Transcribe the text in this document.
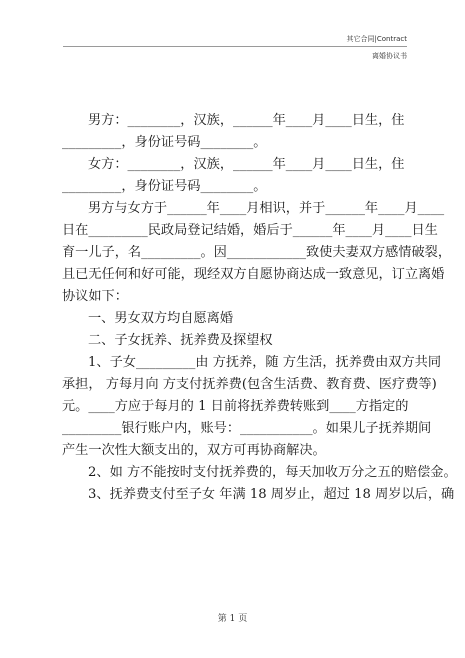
其它合同|Contract
离婚协议书

男方：________，汉族，______年____月____日生，住

_________，身份证号码________。

女方：________，汉族，______年____月____日生，住

_________，身份证号码________。

男方与女方于______年____月相识，并于______年____月____

日在_________民政局登记结婚，婚后于______年____月____日生

育一儿子，名_________。因____________致使夫妻双方感情破裂，

且已无任何和好可能，现经双方自愿协商达成一致意见，订立离婚

协议如下：

一、男女双方均自愿离婚

二、子女抚养、抚养费及探望权

1、子女_________由 方抚养，随 方生活，抚养费由双方共同

承担， 方每月向 方支付抚养费(包含生活费、教育费、医疗费等)

元。____方应于每月的 1 日前将抚养费转账到____方指定的

_________银行账户内，账号：___________。如果儿子抚养期间

产生一次性大额支出的，双方可再协商解决。

2、如 方不能按时支付抚养费的，每天加收万分之五的赔偿金。

3、抚养费支付至子女 年满 18 周岁止，超过 18 周岁以后，确

第 1 页
